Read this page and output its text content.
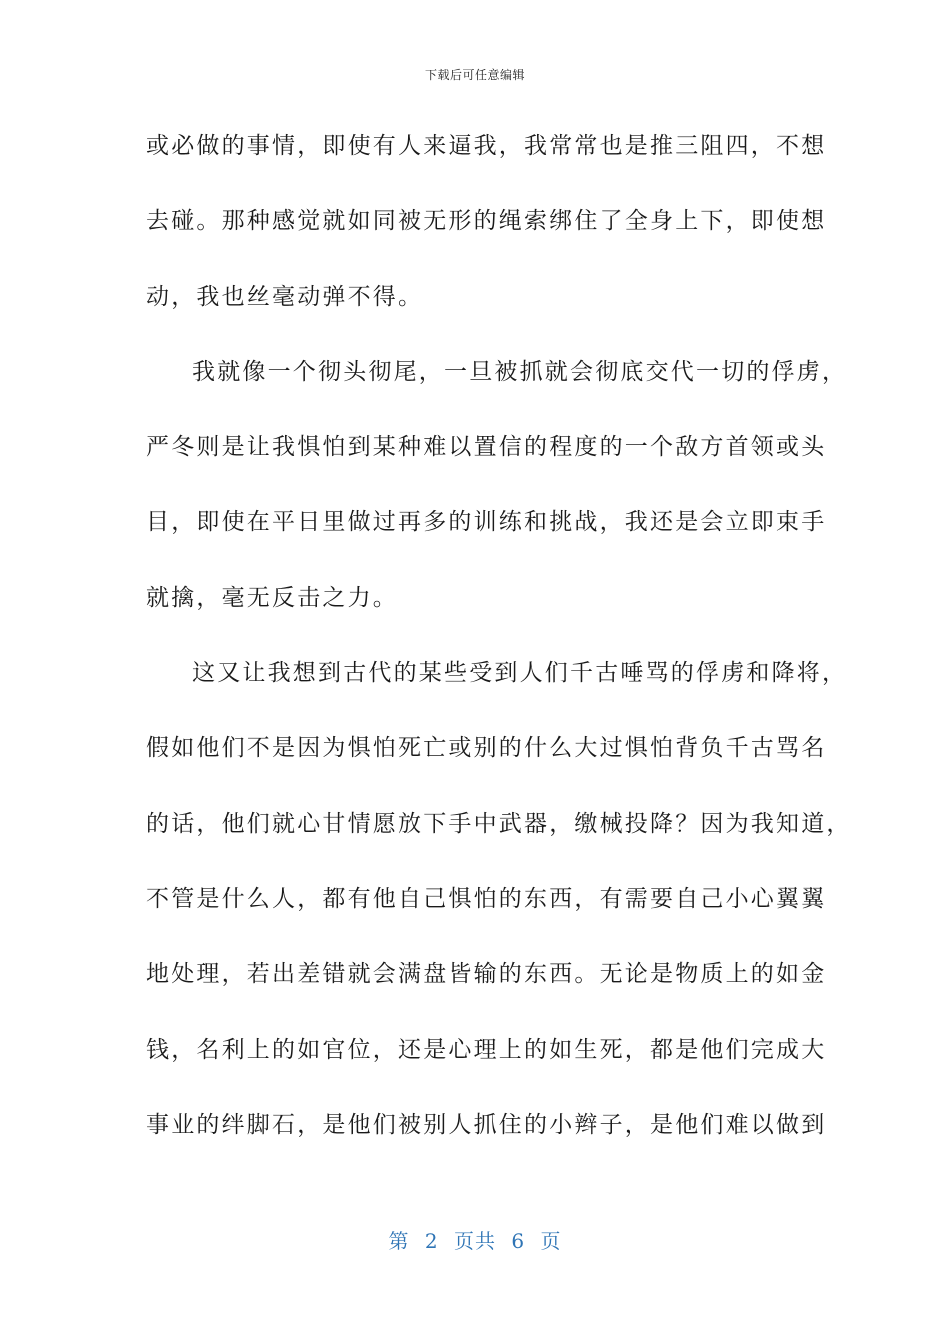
下载后可任意编辑
或必做的事情，即使有人来逼我，我常常也是推三阻四，不想
去碰。那种感觉就如同被无形的绳索绑住了全身上下，即使想
动，我也丝毫动弹不得。
我就像一个彻头彻尾，一旦被抓就会彻底交代一切的俘虏，
严冬则是让我惧怕到某种难以置信的程度的一个敌方首领或头
目，即使在平日里做过再多的训练和挑战，我还是会立即束手
就擒，毫无反击之力。
这又让我想到古代的某些受到人们千古唾骂的俘虏和降将，
假如他们不是因为惧怕死亡或别的什么大过惧怕背负千古骂名
的话，他们就心甘情愿放下手中武器，缴械投降？因为我知道，
不管是什么人，都有他自己惧怕的东西，有需要自己小心翼翼
地处理，若出差错就会满盘皆输的东西。无论是物质上的如金
钱，名利上的如官位，还是心理上的如生死，都是他们完成大
事业的绊脚石，是他们被别人抓住的小辫子，是他们难以做到
第 2 页共 6 页
